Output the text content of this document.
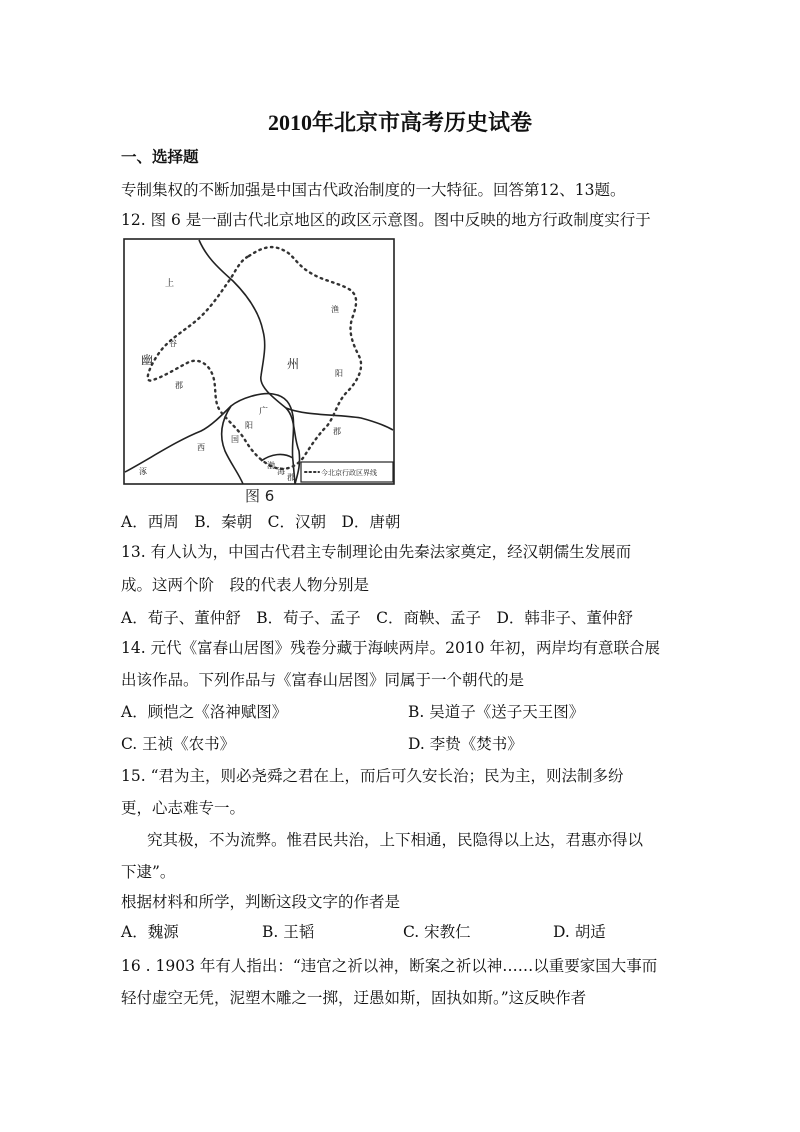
2010年北京市高考历史试卷
一、选择题
专制集权的不断加强是中国古代政治制度的一大特征。回答第12、13题。
12. 图 6 是一副古代北京地区的政区示意图。图中反映的地方行政制度实行于
上
谷
郡
幽	州
渔
阳
郡
广
阳
国
西
涿
渤
海
郡	今北京行政区界线
图 6
A．西周　B．秦朝　C．汉朝　D．唐朝
13. 有人认为，中国古代君主专制理论由先秦法家奠定，经汉朝儒生发展而
成。这两个阶　段的代表人物分别是
A．荀子、董仲舒　B．荀子、孟子　C．商鞅、孟子　D．韩非子、董仲舒
14. 元代《富春山居图》残卷分藏于海峡两岸。2010 年初，两岸均有意联合展
出该作品。下列作品与《富春山居图》同属于一个朝代的是
A．顾恺之《洛神赋图》	B. 吴道子《送子天王图》
C. 王祯《农书》	D. 李贽《焚书》
15. “君为主，则必尧舜之君在上，而后可久安长治；民为主，则法制多纷
更，心志难专一。
究其极，不为流弊。惟君民共治，上下相通，民隐得以上达，君惠亦得以
下逮”。
根据材料和所学，判断这段文字的作者是
A．魏源	B. 王韬	C. 宋教仁	D. 胡适
16 . 1903 年有人指出：“违官之祈以神，断案之祈以神……以重要家国大事而
轻付虚空无凭，泥塑木雕之一掷，迂愚如斯，固执如斯。”这反映作者
